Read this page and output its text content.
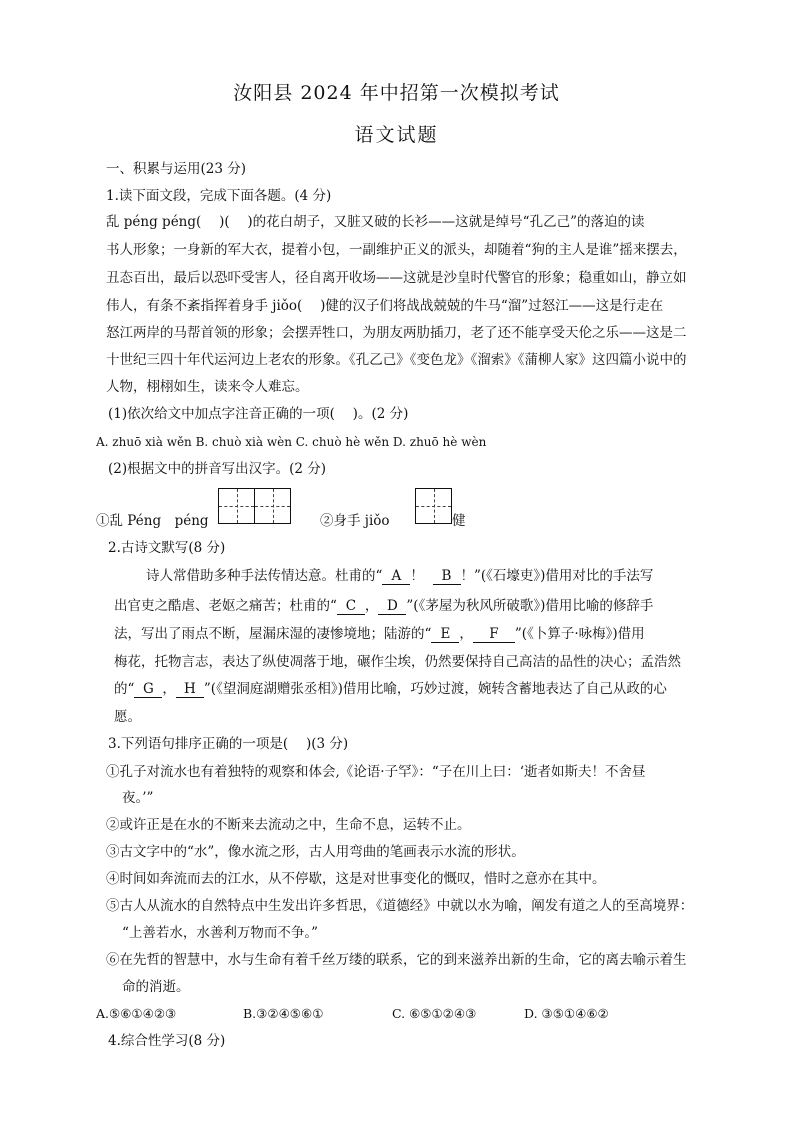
汝阳县 2024 年中招第一次模拟考试
语文试题
一、积累与运用(23 分)
1.读下面文段，完成下面各题。(4 分)
乱 péng péng(　 )(　 )的花白胡子，又脏又破的长衫——这就是绰号“孔乙己”的落迫的读
书人形象；一身新的军大衣，提着小包，一副维护正义的派头，却随着“狗的主人是谁”摇来摆去，
丑态百出，最后以恐吓受害人，径自离开收场——这就是沙皇时代警官的形象；稳重如山，静立如
伟人，有条不紊指挥着身手 jiǒo(　 )健的汉子们将战战兢兢的牛马“溜”过怒江——这是行走在
怒江两岸的马帮首领的形象；会摆弄牲口，为朋友两肋插刀，老了还不能享受天伦之乐——这是二
十世纪三四十年代运河边上老农的形象。《孔乙己》《变色龙》《溜索》《蒲柳人家》这四篇小说中的
人物，栩栩如生，读来令人难忘。
(1)依次给文中加点字注音正确的一项(　 )。(2 分)
A. zhuō xià wěn B. chuò xià wèn C. chuò hè wěn D. zhuō hè wèn
(2)根据文中的拼音写出汉字。(2 分)
①乱 Péng　péng	②身手 jiǒo	健
2.古诗文默写(8 分)
诗人常借助多种手法传情达意。杜甫的“ A ！ B ！”(《石壕吏》)借用对比的手法写
出官吏之酷虐、老妪之痛苦；杜甫的“ C ， D ”(《茅屋为秋风所破歌》)借用比喻的修辞手
法，写出了雨点不断，屋漏床湿的凄惨境地；陆游的“ E ， F ”(《卜算子·咏梅》)借用
梅花，托物言志，表达了纵使凋落于地，碾作尘埃，仍然要保持自己高洁的品性的决心；孟浩然
的“ G ， H ”(《望洞庭湖赠张丞相》)借用比喻，巧妙过渡，婉转含蓄地表达了自己从政的心
愿。
3.下列语句排序正确的一项是(　 )(3 分)
①孔子对流水也有着独特的观察和体会,《论语·子罕》：“子在川上曰：‘逝者如斯夫！不舍昼
夜。’”
②或许正是在水的不断来去流动之中，生命不息，运转不止。
③古文字中的“水”，像水流之形，古人用弯曲的笔画表示水流的形状。
④时间如奔流而去的江水，从不停歇，这是对世事变化的慨叹，惜时之意亦在其中。
⑤古人从流水的自然特点中生发出许多哲思，《道德经》中就以水为喻，阐发有道之人的至高境界：
“上善若水，水善利万物而不争。”
⑥在先哲的智慧中，水与生命有着千丝万缕的联系，它的到来滋养出新的生命，它的离去喻示着生
命的消逝。
A.⑤⑥①④②③	B.③②④⑤⑥①	C. ⑥⑤①②④③	D. ③⑤①④⑥②
4.综合性学习(8 分)
